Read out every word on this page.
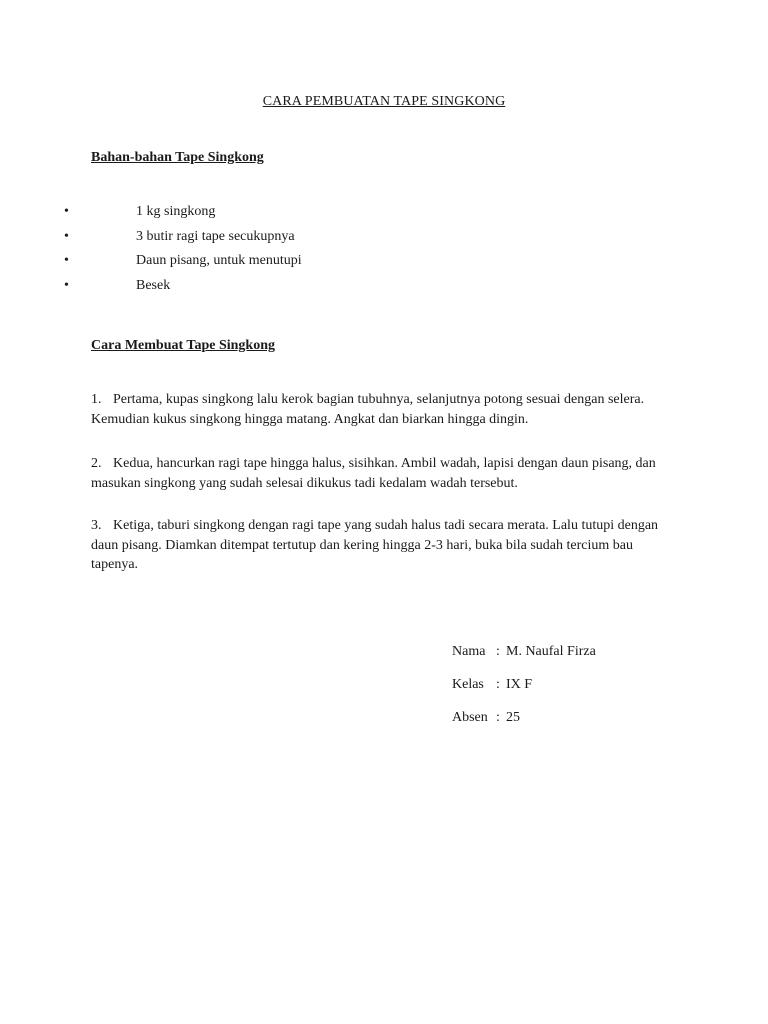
CARA PEMBUATAN TAPE SINGKONG
Bahan-bahan Tape Singkong
•	1 kg singkong
•	3 butir ragi tape secukupnya
•	Daun pisang, untuk menutupi
•	Besek
Cara Membuat Tape Singkong
1. Pertama, kupas singkong lalu kerok bagian tubuhnya, selanjutnya potong sesuai dengan selera. Kemudian kukus singkong hingga matang. Angkat dan biarkan hingga dingin.
2. Kedua, hancurkan ragi tape hingga halus, sisihkan. Ambil wadah, lapisi dengan daun pisang, dan masukan singkong yang sudah selesai dikukus tadi kedalam wadah tersebut.
3. Ketiga, taburi singkong dengan ragi tape yang sudah halus tadi secara merata. Lalu tutupi dengan daun pisang. Diamkan ditempat tertutup dan kering hingga 2-3 hari, buka bila sudah tercium bau tapenya.
Nama : M. Naufal Firza
Kelas : IX F
Absen : 25
